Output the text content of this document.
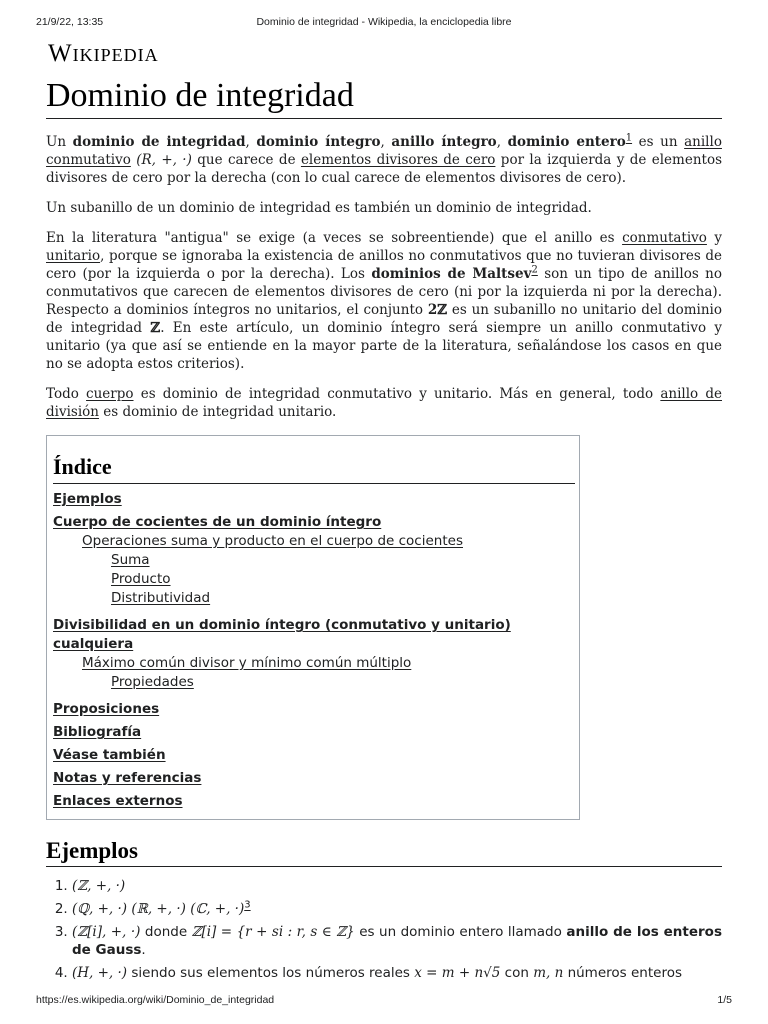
21/9/22, 13:35	Dominio de integridad - Wikipedia, la enciclopedia libre
Wikipedia
Dominio de integridad

Un dominio de integridad, dominio íntegro, anillo íntegro, dominio entero$^1$ es un anillo conmutativo (R, +, ·) que carece de elementos divisores de cero por la izquierda y de elementos divisores de cero por la derecha (con lo cual carece de elementos divisores de cero).

Un subanillo de un dominio de integridad es también un dominio de integridad.

En la literatura "antigua" se exige (a veces se sobreentiende) que el anillo es conmutativo y unitario, porque se ignoraba la existencia de anillos no conmutativos que no tuvieran divisores de cero (por la izquierda o por la derecha). Los dominios de Maltsev$^2$ son un tipo de anillos no conmutativos que carecen de elementos divisores de cero (ni por la izquierda ni por la derecha). Respecto a dominios íntegros no unitarios, el conjunto 2ℤ es un subanillo no unitario del dominio de integridad ℤ. En este artículo, un dominio íntegro será siempre un anillo conmutativo y unitario (ya que así se entiende en la mayor parte de la literatura, señalándose los casos en que no se adopta estos criterios).

Todo cuerpo es dominio de integridad conmutativo y unitario. Más en general, todo anillo de división es dominio de integridad unitario.

Índice
Ejemplos
Cuerpo de cocientes de un dominio íntegro
Operaciones suma y producto en el cuerpo de cocientes
Suma
Producto
Distributividad
Divisibilidad en un dominio íntegro (conmutativo y unitario) cualquiera
Máximo común divisor y mínimo común múltiplo
Propiedades
Proposiciones
Bibliografía
Véase también
Notas y referencias
Enlaces externos
Ejemplos
1. (ℤ, +, ·)
2. (ℚ, +, ·) (ℝ, +, ·) (ℂ, +, ·)$^3$
3. (ℤ[i], +, ·) donde ℤ[i] = {r + si : r, s ∈ ℤ} es un dominio entero llamado anillo de los enteros de Gauss.
4. (H, +, ·) siendo sus elementos los números reales x = m + n√5 con m, n números enteros
https://es.wikipedia.org/wiki/Dominio_de_integridad	1/5
